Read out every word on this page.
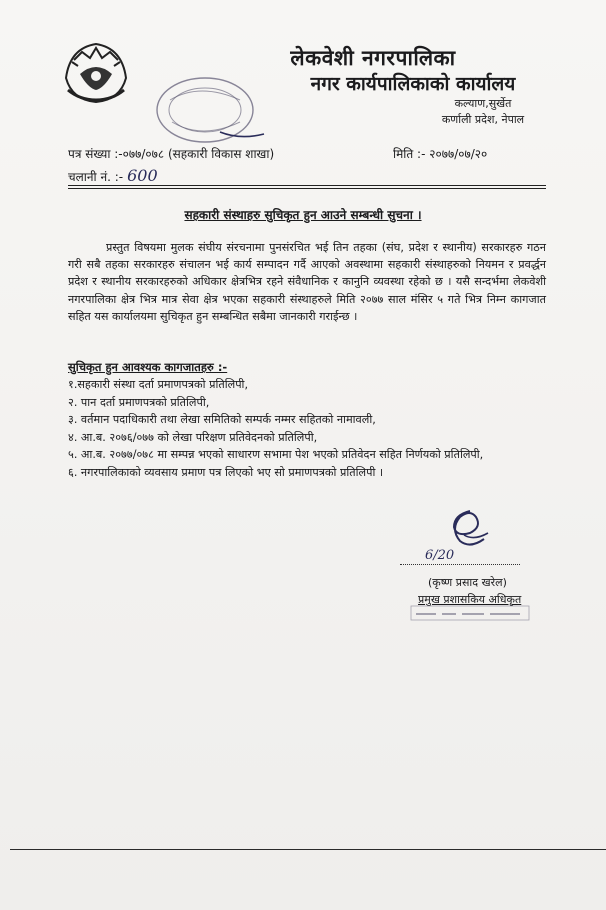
लेकवेशी नगरपालिका
नगर कार्यपालिकाको कार्यालय
कल्याण,सुर्खेत
कर्णाली प्रदेश, नेपाल
पत्र संख्या :-०७७/०७८ (सहकारी विकास शाखा)	मिति :- २०७७/०७/२०
चलानी नं. :- 600
सहकारी संस्थाहरु सुचिकृत हुन आउने सम्बन्धी सुचना ।
प्रस्तुत विषयमा मुलक संघीय संरचनामा पुनसंरचित भई तिन तहका (संघ, प्रदेश र स्थानीय) सरकारहरु गठन गरी सबै तहका सरकारहरु संचालन भई कार्य सम्पादन गर्दै आएको अवस्थामा सहकारी संस्थाहरुको नियमन र प्रवर्द्धन प्रदेश र स्थानीय सरकारहरुको अधिकार क्षेत्रभित्र रहने संवैधानिक र कानुनि व्यवस्था रहेको छ । यसै सन्दर्भमा लेकवेशी नगरपालिका क्षेत्र भित्र मात्र सेवा क्षेत्र भएका सहकारी संस्थाहरुले मिति २०७७ साल मंसिर ५ गते भित्र निम्न कागजात सहित यस कार्यालयमा सुचिकृत हुन सम्बन्धित सबैमा जानकारी गराईन्छ ।
सुचिकृत हुन आवश्यक कागजातहरु :-
१.सहकारी संस्था दर्ता प्रमाणपत्रको प्रतिलिपी,
२. पान दर्ता प्रमाणपत्रको प्रतिलिपी,
३. वर्तमान पदाधिकारी तथा लेखा समितिको सम्पर्क नम्मर सहितको नामावली,
४. आ.ब. २०७६/०७७ को लेखा परिक्षण प्रतिवेदनको प्रतिलिपी,
५. आ.ब. २०७७/०७८ मा सम्पन्न भएको साधारण सभामा पेश भएको प्रतिवेदन सहित निर्णयको प्रतिलिपी,
६. नगरपालिकाको व्यवसाय प्रमाण पत्र लिएको भए सो प्रमाणपत्रको प्रतिलिपी ।
6/20
(कृष्ण प्रसाद खरेल)
प्रमुख प्रशासकिय अधिकृत
